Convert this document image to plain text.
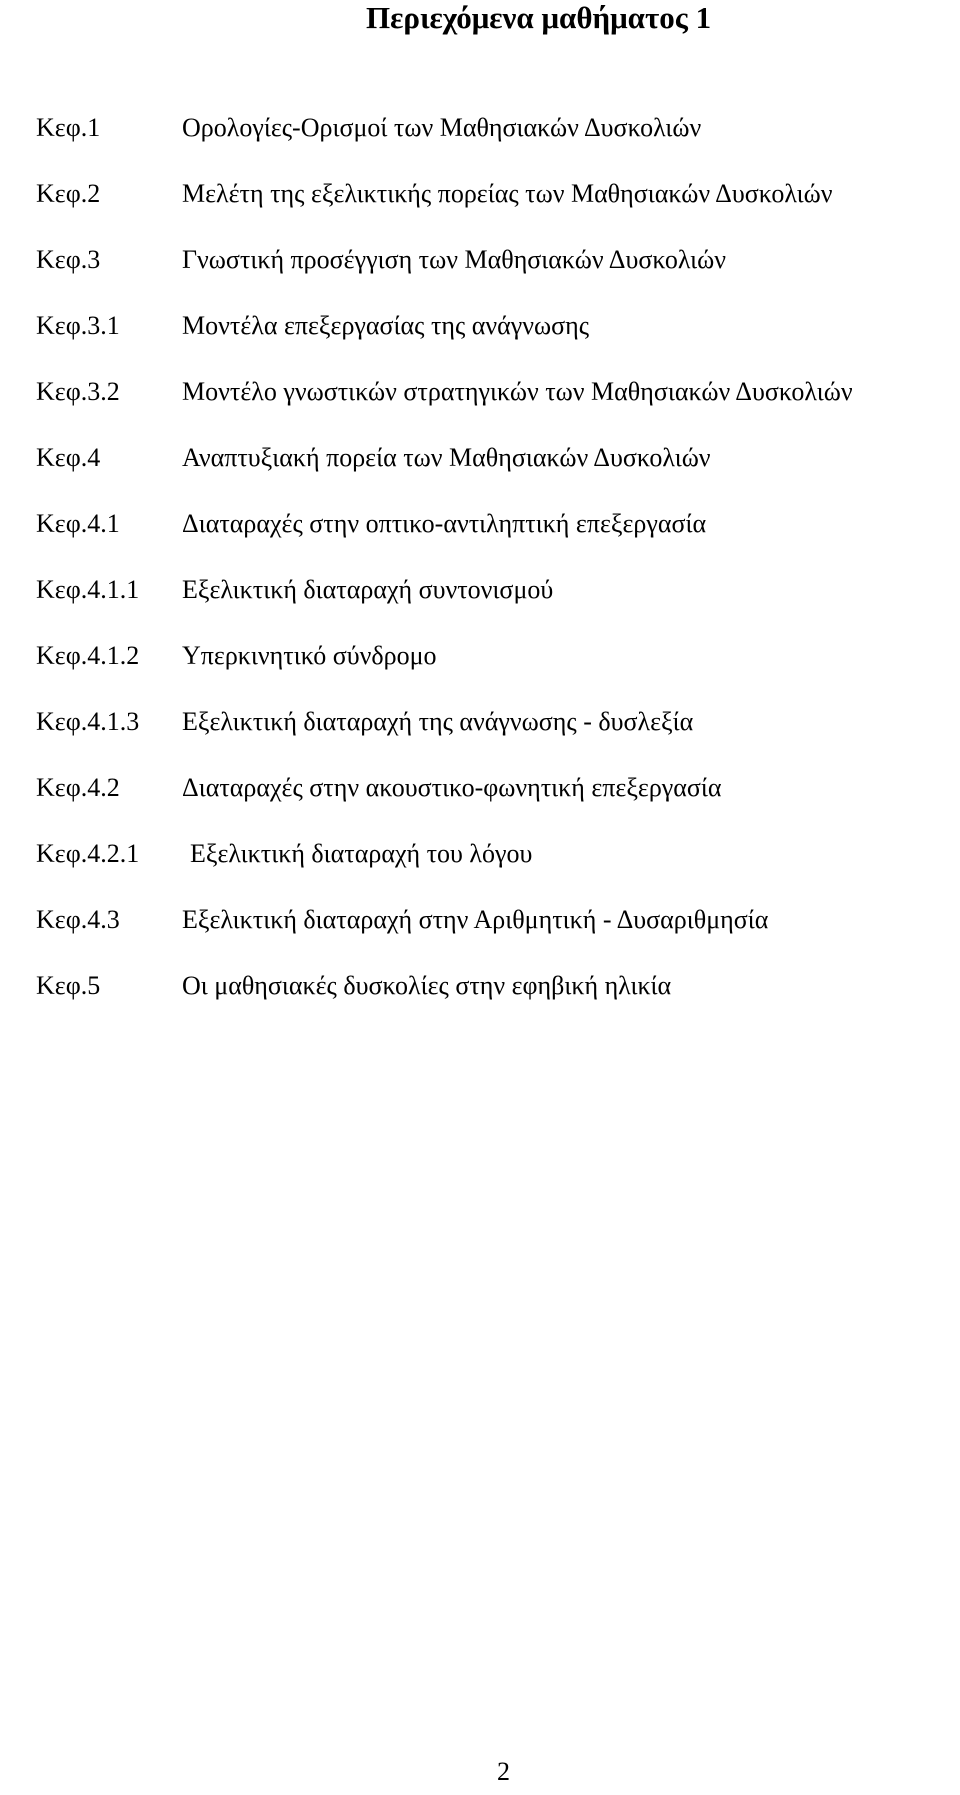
Περιεχόμενα μαθήματος 1
Κεφ.1	Ορολογίες-Ορισμοί των Μαθησιακών Δυσκολιών
Κεφ.2	Μελέτη της εξελικτικής πορείας των Μαθησιακών Δυσκολιών
Κεφ.3	Γνωστική προσέγγιση των Μαθησιακών Δυσκολιών
Κεφ.3.1 Μοντέλα επεξεργασίας της ανάγνωσης
Κεφ.3.2 Μοντέλο γνωστικών στρατηγικών των Μαθησιακών Δυσκολιών
Κεφ.4	Αναπτυξιακή πορεία των Μαθησιακών Δυσκολιών
Κεφ.4.1 Διαταραχές στην οπτικο-αντιληπτική επεξεργασία
Κεφ.4.1.1 Εξελικτική διαταραχή συντονισμού
Κεφ.4.1.2 Υπερκινητικό σύνδρομο
Κεφ.4.1.3 Εξελικτική διαταραχή της ανάγνωσης - δυσλεξία
Κεφ.4.2 Διαταραχές στην ακουστικο-φωνητική επεξεργασία
Κεφ.4.2.1 Εξελικτική διαταραχή του λόγου
Κεφ.4.3 Εξελικτική διαταραχή στην Αριθμητική - Δυσαριθμησία
Κεφ.5	Οι μαθησιακές δυσκολίες στην εφηβική ηλικία
2
